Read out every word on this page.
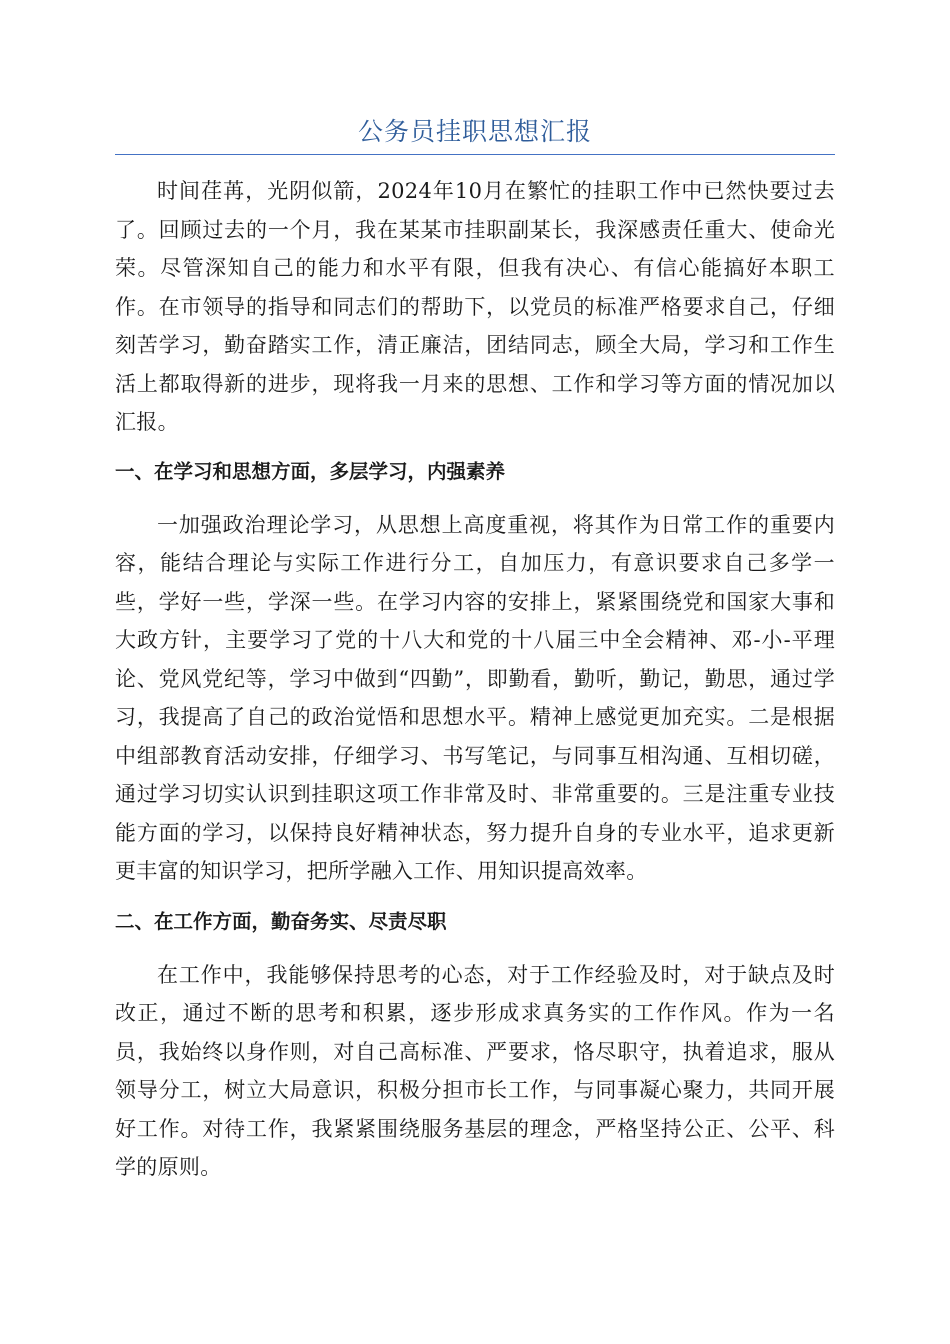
公务员挂职思想汇报

时间荏苒，光阴似箭，2024年10月在繁忙的挂职工作中已然快要过去了。回顾过去的一个月，我在某某市挂职副某长，我深感责任重大、使命光荣。尽管深知自己的能力和水平有限，但我有决心、有信心能搞好本职工作。在市领导的指导和同志们的帮助下，以党员的标准严格要求自己，仔细刻苦学习，勤奋踏实工作，清正廉洁，团结同志，顾全大局，学习和工作生活上都取得新的进步，现将我一月来的思想、工作和学习等方面的情况加以汇报。

一、在学习和思想方面，多层学习，内强素养

一加强政治理论学习，从思想上高度重视，将其作为日常工作的重要内容，能结合理论与实际工作进行分工，自加压力，有意识要求自己多学一些，学好一些，学深一些。在学习内容的安排上，紧紧围绕党和国家大事和大政方针，主要学习了党的十八大和党的十八届三中全会精神、邓-小-平理论、党风党纪等，学习中做到“四勤”，即勤看，勤听，勤记，勤思，通过学习，我提高了自己的政治觉悟和思想水平。精神上感觉更加充实。二是根据中组部教育活动安排，仔细学习、书写笔记，与同事互相沟通、互相切磋，通过学习切实认识到挂职这项工作非常及时、非常重要的。三是注重专业技能方面的学习，以保持良好精神状态，努力提升自身的专业水平，追求更新更丰富的知识学习，把所学融入工作、用知识提高效率。

二、在工作方面，勤奋务实、尽责尽职

在工作中，我能够保持思考的心态，对于工作经验及时，对于缺点及时改正，通过不断的思考和积累，逐步形成求真务实的工作作风。作为一名员，我始终以身作则，对自己高标准、严要求，恪尽职守，执着追求，服从领导分工，树立大局意识，积极分担市长工作，与同事凝心聚力，共同开展好工作。对待工作，我紧紧围绕服务基层的理念，严格坚持公正、公平、科学的原则。
